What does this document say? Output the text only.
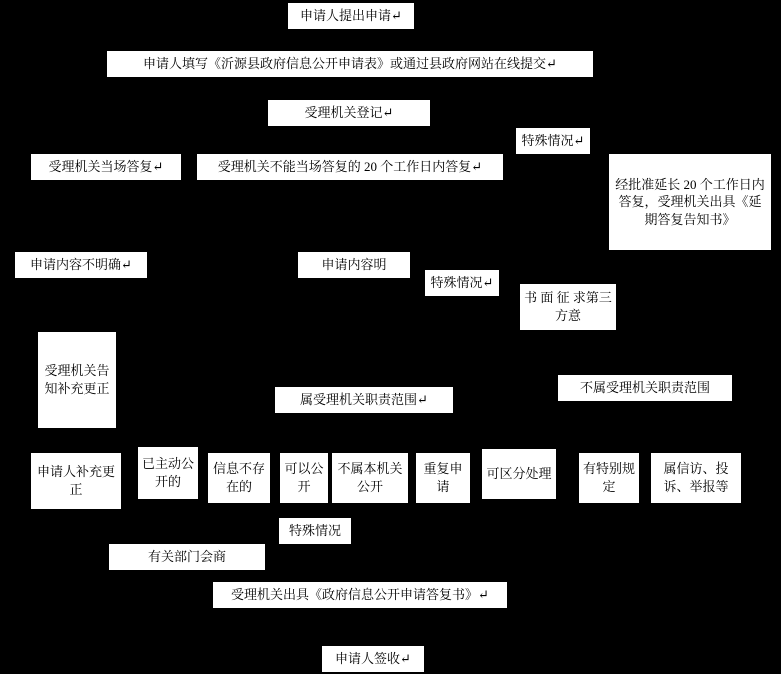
申请人提出申请↵
申请人填写《沂源县政府信息公开申请表》或通过县政府网站在线提交↵
受理机关登记↵
特殊情况↵
受理机关当场答复↵	受理机关不能当场答复的 20 个工作日内答复↵
经批准延长 20 个工作日内答复，受理机关出具《延期答复告知书》
申请内容不明确↵	申请内容明
特殊情况↵
书 面 征 求第三方意
受理机关告知补充更正
属受理机关职责范围↵
不属受理机关职责范围
申请人补充更正
已主动公开的
信息不存在的
可以公开
不属本机关公开
重复申请
可区分处理	有特别规定
属信访、投诉、举报等
特殊情况
有关部门会商
受理机关出具《政府信息公开申请答复书》↵
申请人签收↵
